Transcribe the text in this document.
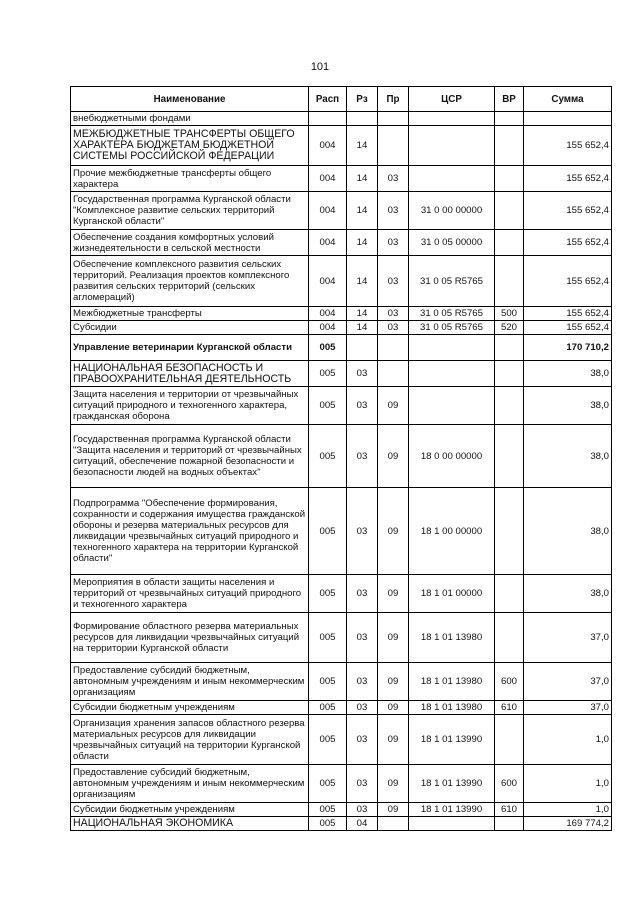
101
Наименование	Расп	Рз	Пр	ЦСР	ВР	Сумма
внебюджетными фондами						
МЕЖБЮДЖЕТНЫЕ ТРАНСФЕРТЫ ОБЩЕГО ХАРАКТЕРА БЮДЖЕТАМ БЮДЖЕТНОЙ СИСТЕМЫ РОССИЙСКОЙ ФЕДЕРАЦИИ	004	14				155 652,4
Прочие межбюджетные трансферты общего характера	004	14	03			155 652,4
Государственная программа Курганской области "Комплексное развитие сельских территорий Курганской области"	004	14	03	31 0 00 00000		155 652,4
Обеспечение создания комфортных условий жизнедеятельности в сельской местности	004	14	03	31 0 05 00000		155 652,4
Обеспечение комплексного развития сельских территорий. Реализация проектов комплексного развития сельских территорий (сельских агломераций)	004	14	03	31 0 05 R5765		155 652,4
Межбюджетные трансферты	004	14	03	31 0 05 R5765	500	155 652,4
Субсидии	004	14	03	31 0 05 R5765	520	155 652,4
Управление ветеринарии Курганской области	005					170 710,2
НАЦИОНАЛЬНАЯ БЕЗОПАСНОСТЬ И ПРАВООХРАНИТЕЛЬНАЯ ДЕЯТЕЛЬНОСТЬ	005	03				38,0
Защита населения и территории от чрезвычайных ситуаций природного и техногенного характера, гражданская оборона	005	03	09			38,0
Государственная программа Курганской области "Защита населения и территорий от чрезвычайных ситуаций, обеспечение пожарной безопасности и безопасности людей на водных объектах"	005	03	09	18 0 00 00000		38,0
Подпрограмма "Обеспечение формирования, сохранности и содержания имущества гражданской обороны и резерва материальных ресурсов для ликвидации чрезвычайных ситуаций природного и техногенного характера на территории Курганской области"	005	03	09	18 1 00 00000		38,0
Мероприятия в области защиты населения и территорий от чрезвычайных ситуаций природного и техногенного характера	005	03	09	18 1 01 00000		38,0
Формирование областного резерва материальных ресурсов для ликвидации чрезвычайных ситуаций на территории Курганской области	005	03	09	18 1 01 13980		37,0
Предоставление субсидий бюджетным, автономным учреждениям и иным некоммерческим организациям	005	03	09	18 1 01 13980	600	37,0
Субсидии бюджетным учреждениям	005	03	09	18 1 01 13980	610	37,0
Организация хранения запасов областного резерва материальных ресурсов для ликвидации чрезвычайных ситуаций на территории Курганской области	005	03	09	18 1 01 13990		1,0
Предоставление субсидий бюджетным, автономным учреждениям и иным некоммерческим организациям	005	03	09	18 1 01 13990	600	1,0
Субсидии бюджетным учреждениям	005	03	09	18 1 01 13990	610	1,0
НАЦИОНАЛЬНАЯ ЭКОНОМИКА	005	04				169 774,2
